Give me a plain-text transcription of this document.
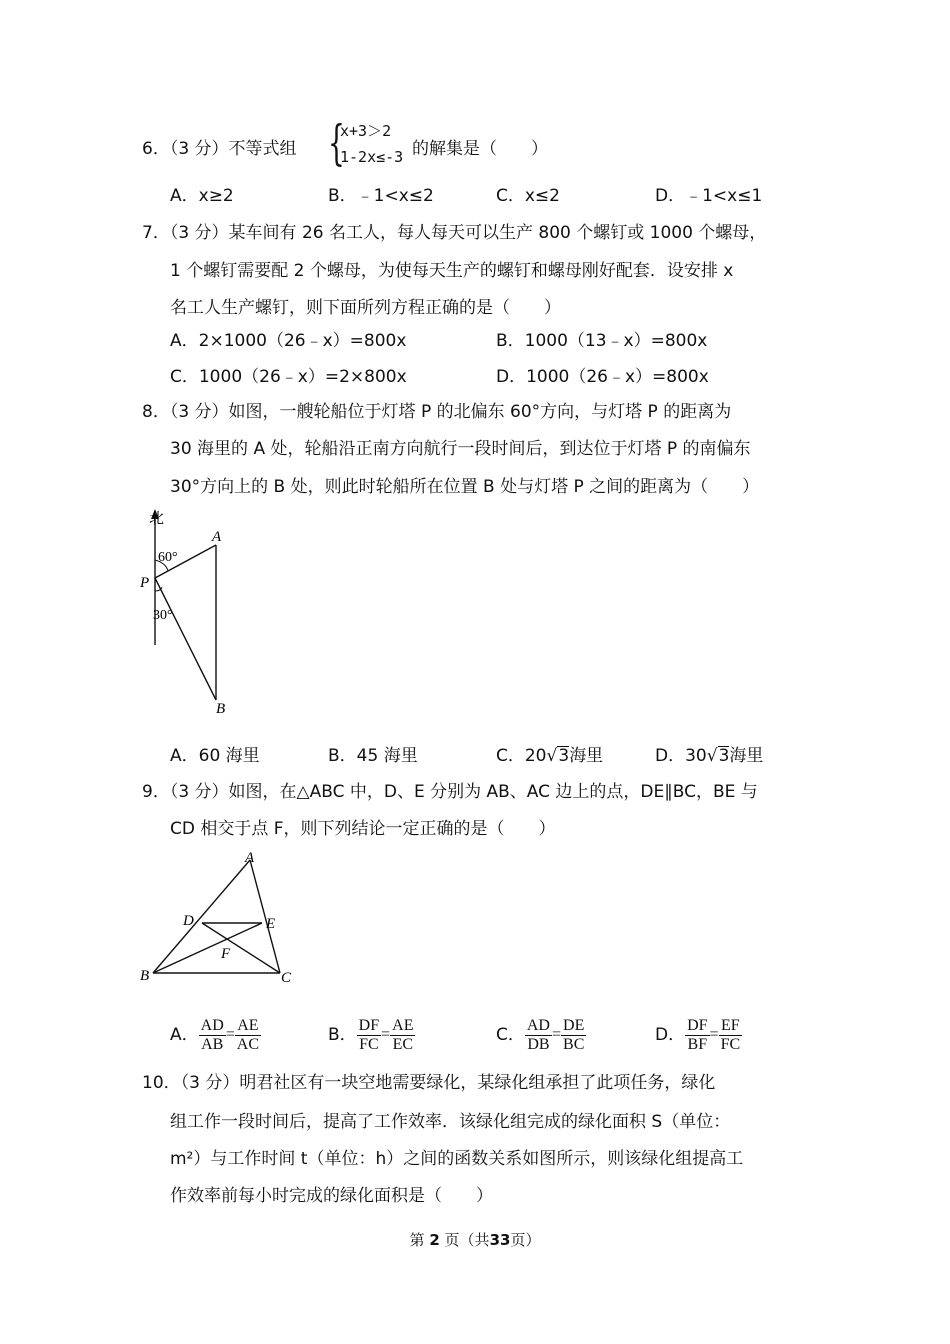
6．（3 分）不等式组 {
x+3＞2
1-2x≤-3 的解集是（　　）
A．x≥2	B．﹣1<x≤2	C．x≤2	D．﹣1<x≤1
7．（3 分）某车间有 26 名工人，每人每天可以生产 800 个螺钉或 1000 个螺母，
1 个螺钉需要配 2 个螺母，为使每天生产的螺钉和螺母刚好配套．设安排 x
名工人生产螺钉，则下面所列方程正确的是（　　）
A．2×1000（26﹣x）=800x	B．1000（13﹣x）=800x
C．1000（26﹣x）=2×800x	D．1000（26﹣x）=800x
8．（3 分）如图，一艘轮船位于灯塔 P 的北偏东 60°方向，与灯塔 P 的距离为
30 海里的 A 处，轮船沿正南方向航行一段时间后，到达位于灯塔 P 的南偏东
30°方向上的 B 处，则此时轮船所在位置 B 处与灯塔 P 之间的距离为（　　）
北
60°
30°
P
A
B
A．60 海里	B．45 海里	C．20√3海里	D．30√3海里
9．（3 分）如图，在△ABC 中，D、E 分别为 AB、AC 边上的点，DE∥BC，BE 与
CD 相交于点 F，则下列结论一定正确的是（　　）
A
B	C
D	E
F
A． $\frac{AD}{AB} = \frac{AE}{AC}$	B． $\frac{DF}{FC} = \frac{AE}{EC}$	C． $\frac{AD}{DB} = \frac{DE}{BC}$	D． $\frac{DF}{BF} = \frac{EF}{FC}$
10．（3 分）明君社区有一块空地需要绿化，某绿化组承担了此项任务，绿化
组工作一段时间后，提高了工作效率．该绿化组完成的绿化面积 S（单位：
m²）与工作时间 t（单位：h）之间的函数关系如图所示，则该绿化组提高工
作效率前每小时完成的绿化面积是（　　）
第 2 页（共33页）
